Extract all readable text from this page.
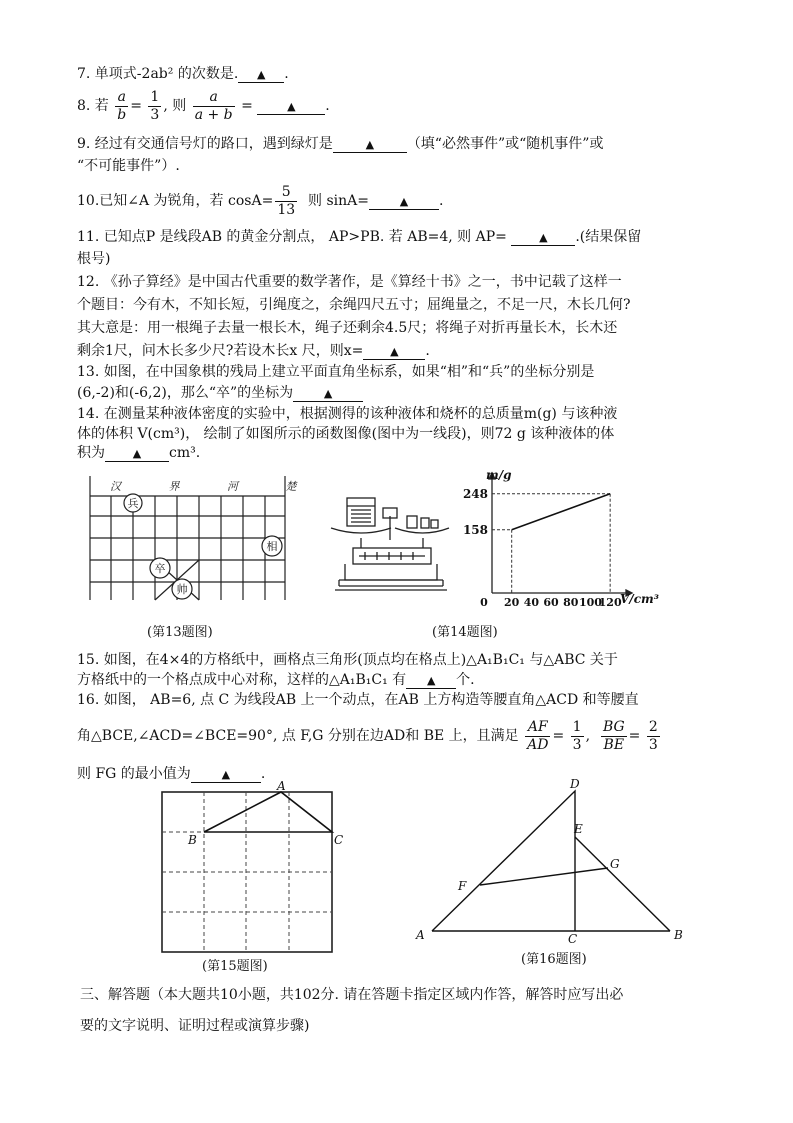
7. 单项式-2ab² 的次数是. ▲ .
8. 若 $\frac{a}{b} = \frac{1}{3}$ , 则 $\frac{a}{a + b}$ =	▲ .
9. 经过有交通信号灯的路口，遇到绿灯是	▲ （填“必然事件”或“随机事件”或
“不可能事件”）.
10.已知∠A 为锐角，若 $\cos A= \frac{5}{13}$ 则 sinA=	▲ .
11. 已知点P 是线段AB 的黄金分割点， AP>PB. 若 AB=4, 则 AP=	▲ .(结果保留
根号)
12. 《孙子算经》是中国古代重要的数学著作，是《算经十书》之一，书中记载了这样一
个题目：今有木，不知长短，引绳度之，余绳四尺五寸；屈绳量之，不足一尺，木长几何?
其大意是：用一根绳子去量一根长木，绳子还剩余4.5尺；将绳子对折再量长木，长木还
剩余1尺，问木长多少尺?若设木长x 尺，则x= ▲ .
13. 如图，在中国象棋的残局上建立平面直角坐标系，如果“相”和“兵”的坐标分别是
(6,-2)和(-6,2)，那么“卒”的坐标为	▲
14. 在测量某种液体密度的实验中，根据测得的该种液体和烧杯的总质量m(g) 与该种液
体的体积 V(cm³)， 绘制了如图所示的函数图像(图中为一线段)，则72 g 该种液体的体
积为	▲ cm³.
汉 界 河 楚
兵
相
卒
帅
(第13题图)
158
248
0 20 40 60 80 100
120
m/g
V/cm³
(第14题图)
15. 如图，在4×4的方格纸中，画格点三角形(顶点均在格点上)△A₁B₁C₁ 与△ABC 关于
方格纸中的一个格点成中心对称，这样的△A₁B₁C₁ 有 ▲ 个.
16. 如图， AB=6, 点 C 为线段AB 上一个动点，在AB 上方构造等腰直角△ACD 和等腰直
角△BCE,∠ACD=∠BCE=90°, 点 F,G 分别在边AD和 BE 上，且满足 $\frac{AF}{AD} = \frac{1}{3}$ , $\frac{BG}{BE} = \frac{2}{3}$
则 FG 的最小值为	▲ .
A
B	C
(第15题图)
D
E
G
F
A	C	B
(第16题图)
三、解答题（本大题共10小题，共102分. 请在答题卡指定区域内作答，解答时应写出必
要的文字说明、证明过程或演算步骤)
